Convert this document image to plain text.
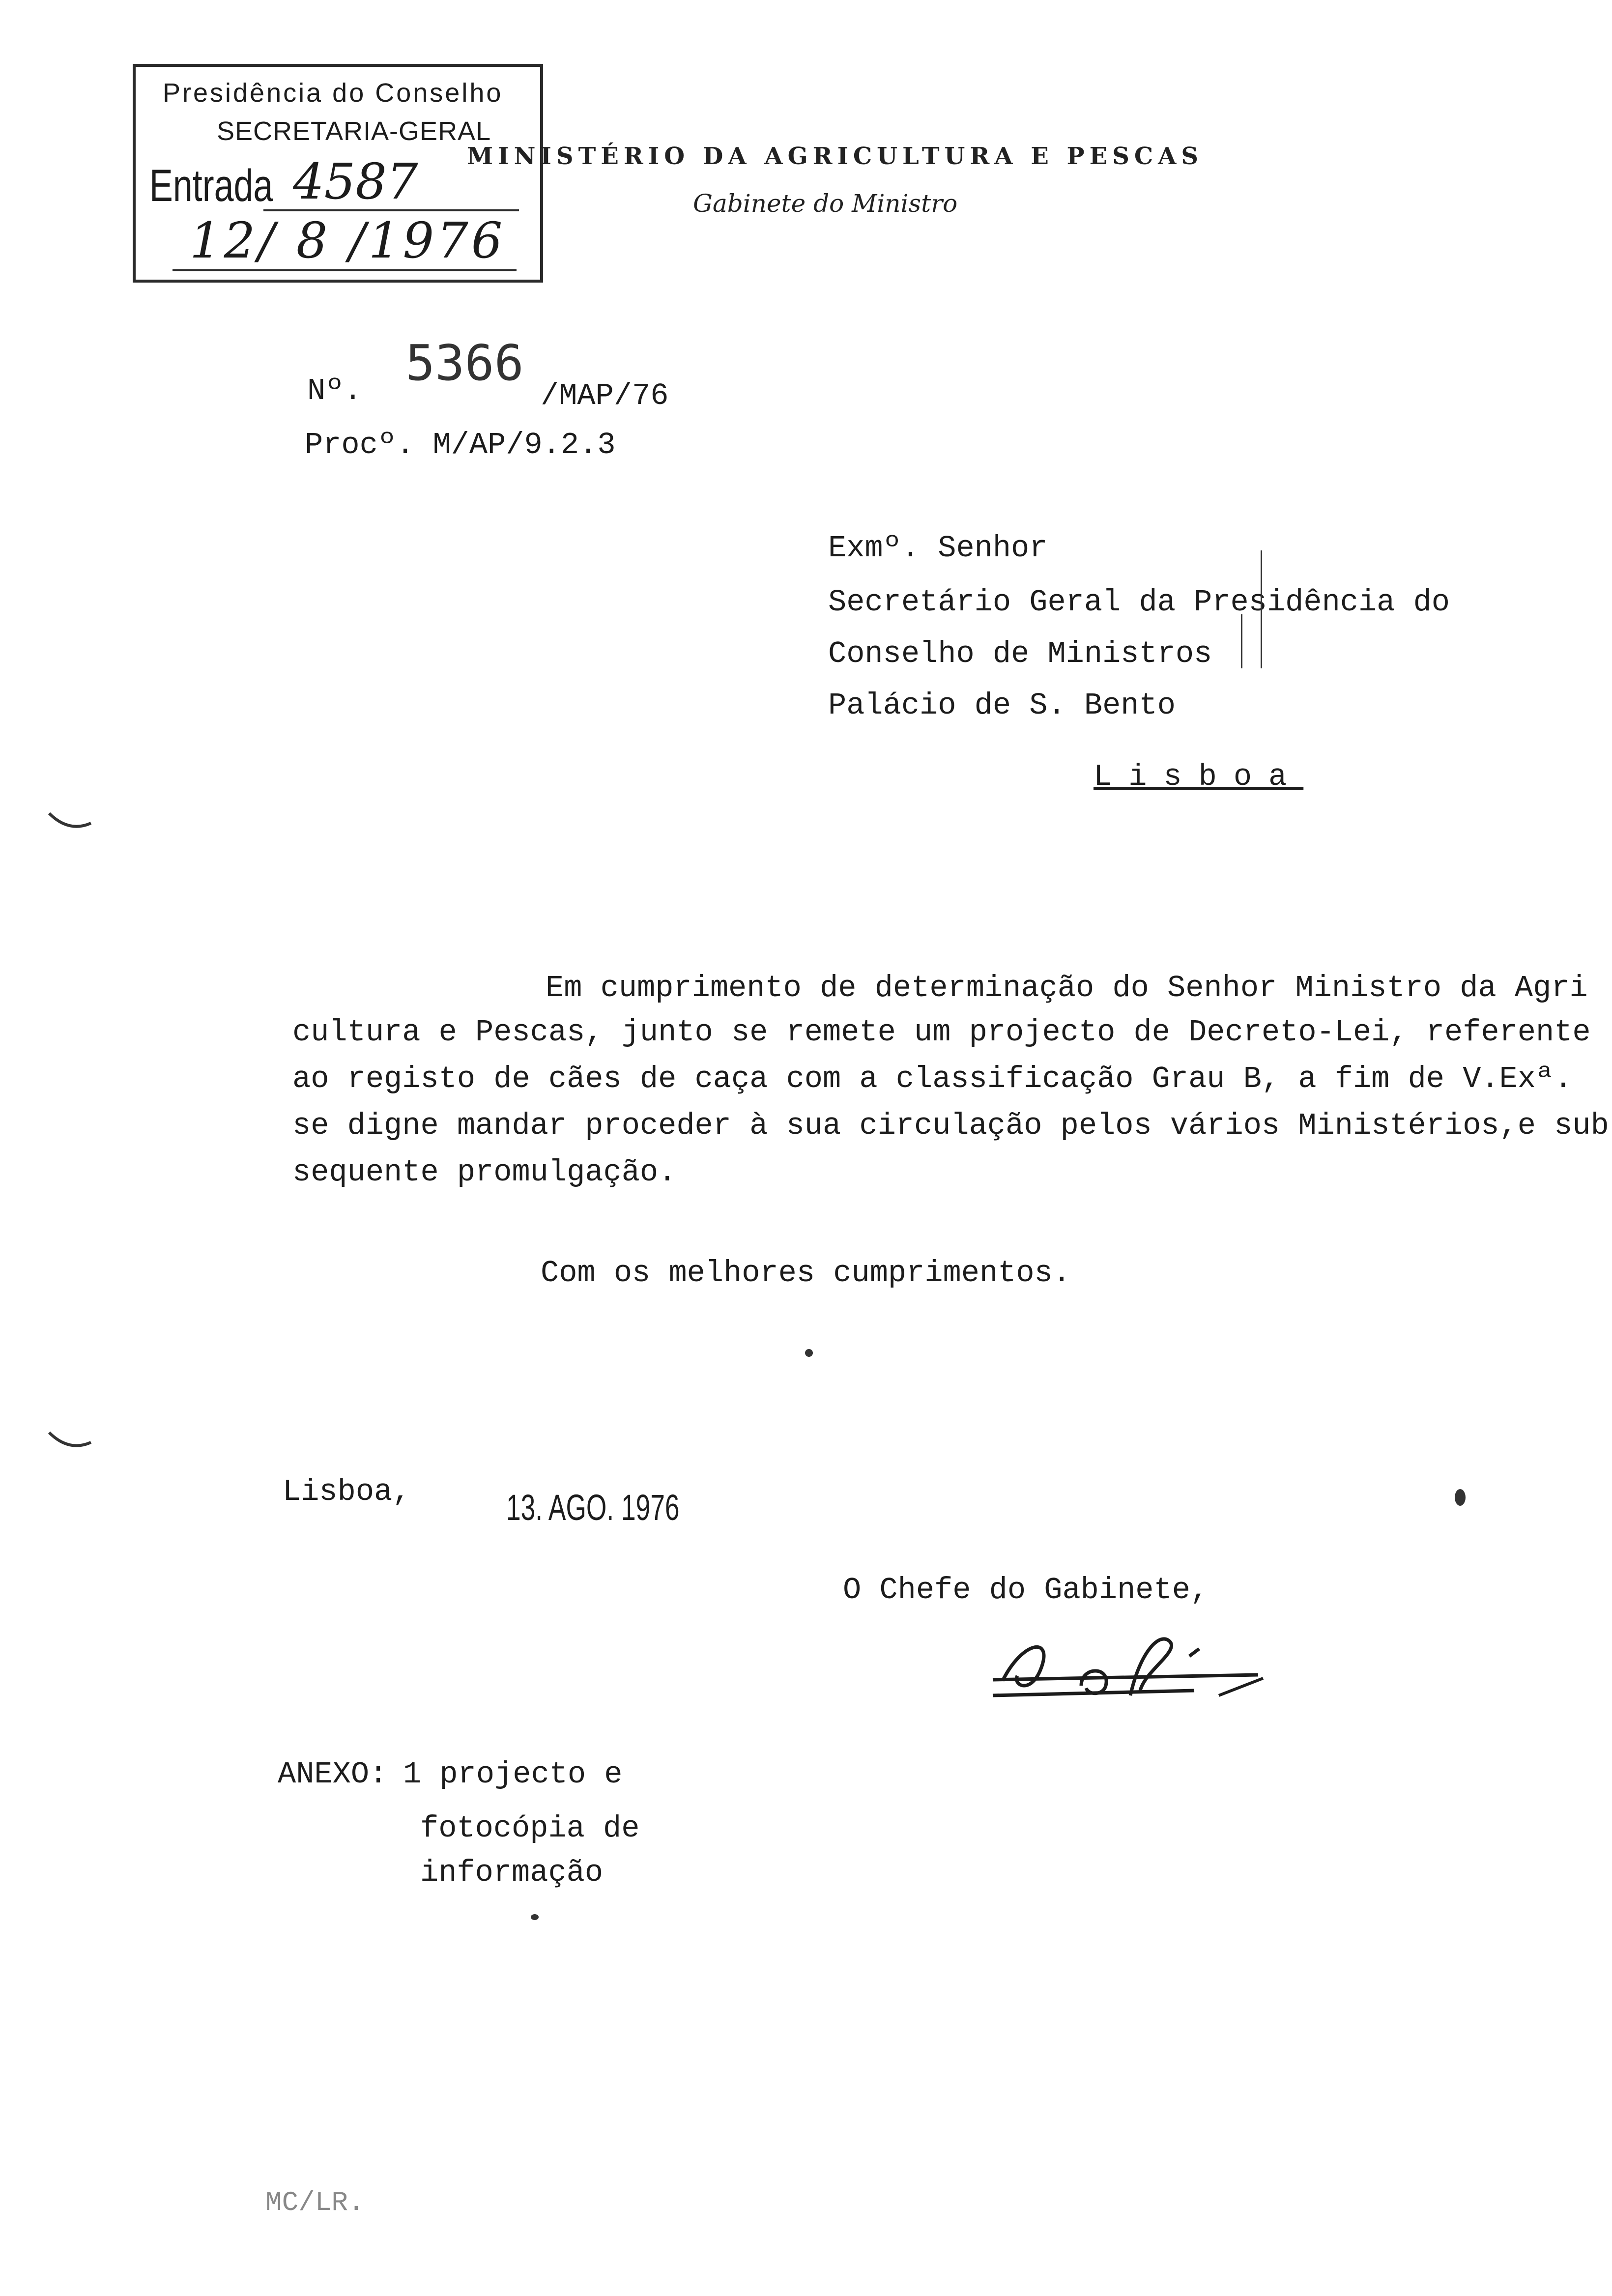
Presidência do Conselho
SECRETARIA-GERAL
Entrada 4587
12/ 8 /1976
MINISTÉRIO DA AGRICULTURA E PESCAS
Gabinete do Ministro
Nº. 5366
/MAP/76
Procº. M/AP/9.2.3
Exmº. Senhor
Secretário Geral da Presidência do
Conselho de Ministros
Palácio de S. Bento
Lisboa
Em cumprimento de determinação do Senhor Ministro da Agri
cultura e Pescas, junto se remete um projecto de Decreto-Lei, referente
ao registo de cães de caça com a classificação Grau B, a fim de V.Exª.
se digne mandar proceder à sua circulação pelos vários Ministérios,e sub
sequente promulgação.
Com os melhores cumprimentos.
Lisboa,	13. AGO. 1976
O Chefe do Gabinete,
ANEXO: 1 projecto e
fotocópia de
informação
MC/LR.
